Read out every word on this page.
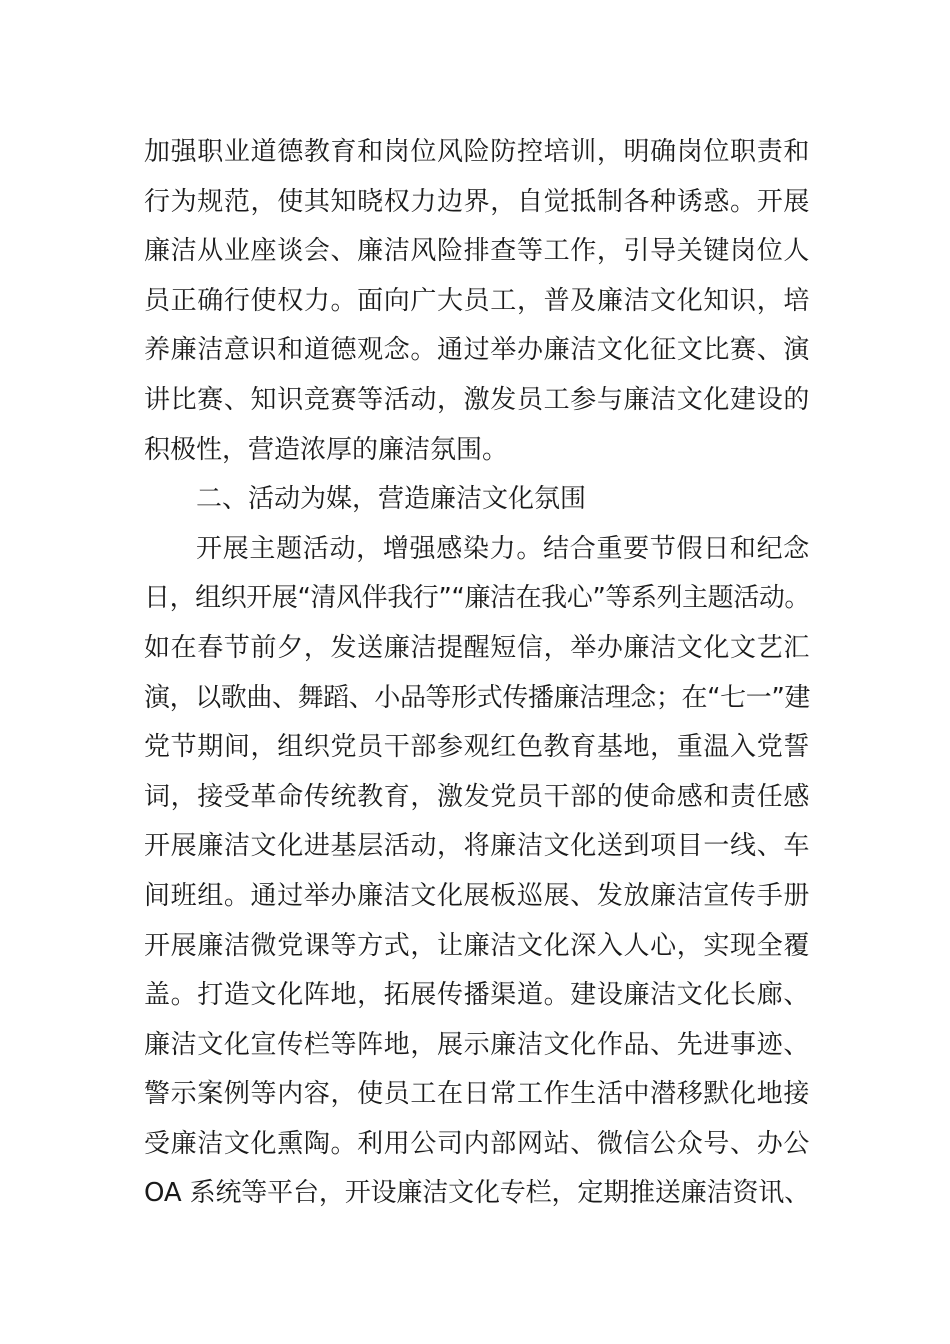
加强职业道德教育和岗位风险防控培训，明确岗位职责和
行为规范，使其知晓权力边界，自觉抵制各种诱惑。开展
廉洁从业座谈会、廉洁风险排查等工作，引导关键岗位人
员正确行使权力。面向广大员工，普及廉洁文化知识，培
养廉洁意识和道德观念。通过举办廉洁文化征文比赛、演
讲比赛、知识竞赛等活动，激发员工参与廉洁文化建设的
积极性，营造浓厚的廉洁氛围。
二、活动为媒，营造廉洁文化氛围
开展主题活动，增强感染力。结合重要节假日和纪念
日，组织开展“清风伴我行”“廉洁在我心”等系列主题活动。
如在春节前夕，发送廉洁提醒短信，举办廉洁文化文艺汇
演，以歌曲、舞蹈、小品等形式传播廉洁理念；在“七一”建
党节期间，组织党员干部参观红色教育基地，重温入党誓
词，接受革命传统教育，激发党员干部的使命感和责任感
开展廉洁文化进基层活动，将廉洁文化送到项目一线、车
间班组。通过举办廉洁文化展板巡展、发放廉洁宣传手册
开展廉洁微党课等方式，让廉洁文化深入人心，实现全覆
盖。打造文化阵地，拓展传播渠道。建设廉洁文化长廊、
廉洁文化宣传栏等阵地，展示廉洁文化作品、先进事迹、
警示案例等内容，使员工在日常工作生活中潜移默化地接
受廉洁文化熏陶。利用公司内部网站、微信公众号、办公
OA 系统等平台，开设廉洁文化专栏，定期推送廉洁资讯、
